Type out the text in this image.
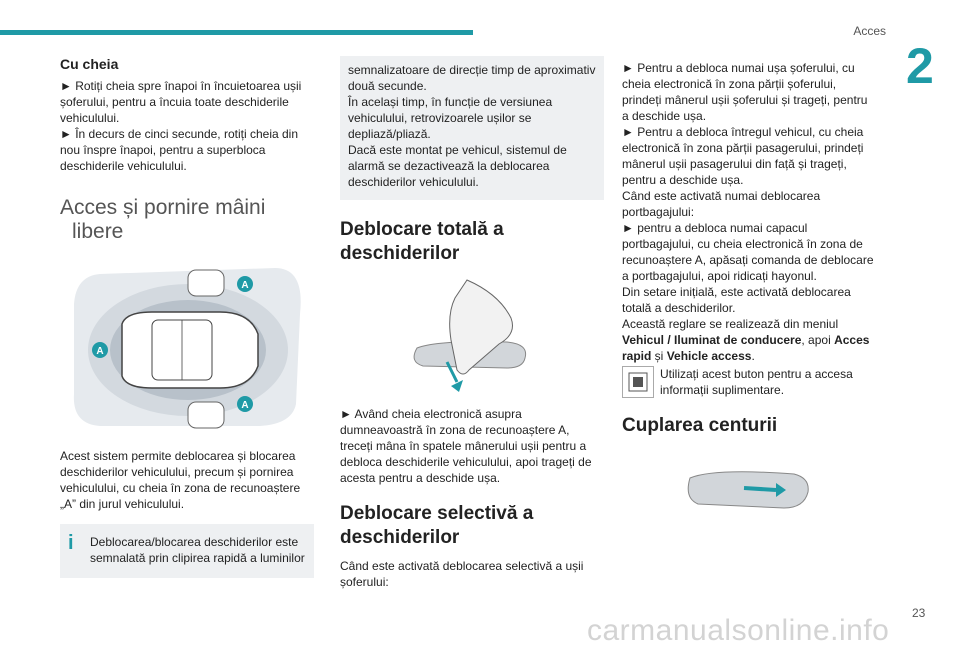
Acces
2
Cu cheia

► Rotiți cheia spre înapoi în încuietoarea ușii șoferului, pentru a încuia toate deschiderile vehiculului.

► În decurs de cinci secunde, rotiți cheia din nou înspre înapoi, pentru a superbloca deschiderile vehiculului.

Acces și pornire mâini
libere
A
A
A

Acest sistem permite deblocarea și blocarea deschiderilor vehiculului, precum și pornirea vehiculului, cu cheia în zona de recunoaștere „A” din jurul vehiculului.

i	Deblocarea/blocarea deschiderilor este semnalată prin clipirea rapidă a luminilor

semnalizatoare de direcție timp de aproximativ două secunde.

În același timp, în funcție de versiunea vehiculului, retrovizoarele ușilor se depliază/pliază.

Dacă este montat pe vehicul, sistemul de alarmă se dezactivează la deblocarea deschiderilor vehiculului.

Deblocare totală a deschiderilor

► Având cheia electronică asupra dumneavoastră în zona de recunoaștere A, treceți mâna în spatele mânerului ușii pentru a debloca deschiderile vehiculului, apoi trageți de acesta pentru a deschide ușa.

Deblocare selectivă a deschiderilor

Când este activată deblocarea selectivă a ușii șoferului:

► Pentru a debloca numai ușa șoferului, cu cheia electronică în zona părții șoferului, prindeți mânerul ușii șoferului și trageți, pentru a deschide ușa.

► Pentru a debloca întregul vehicul, cu cheia electronică în zona părții pasagerului, prindeți mânerul ușii pasagerului din față și trageți, pentru a deschide ușa.

Când este activată numai deblocarea portbagajului:

► pentru a debloca numai capacul portbagajului, cu cheia electronică în zona de recunoaștere A, apăsați comanda de deblocare a portbagajului, apoi ridicați hayonul.

Din setare inițială, este activată deblocarea totală a deschiderilor.

Această reglare se realizează din meniul Vehicul / Iluminat de conducere, apoi Acces rapid și Vehicle access.

Utilizați acest buton pentru a accesa informații suplimentare.
Cuplarea centurii
23
carmanualsonline.info
